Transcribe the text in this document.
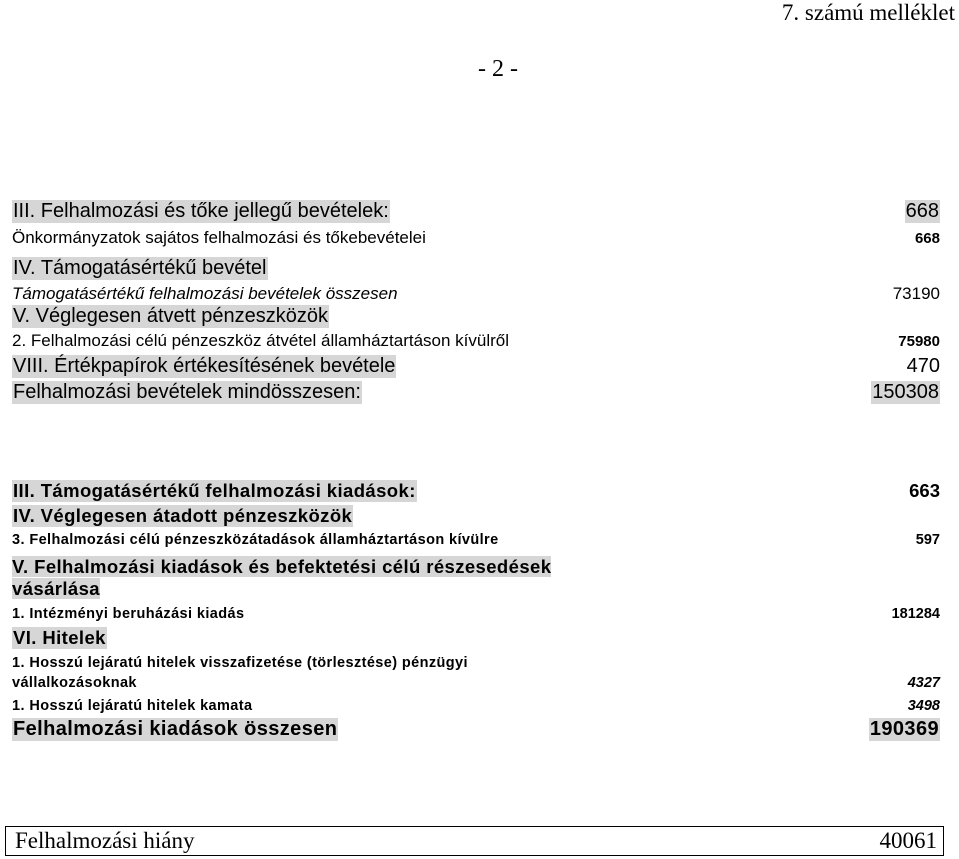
7. számú melléklet
- 2 -
III. Felhalmozási és tőke jellegű bevételek:	668
Önkormányzatok sajátos felhalmozási és tőkebevételei	668
IV. Támogatásértékű bevétel
Támogatásértékű felhalmozási bevételek összesen	73190
V. Véglegesen átvett pénzeszközök
2. Felhalmozási célú pénzeszköz átvétel államháztartáson kívülről	75980
VIII. Értékpapírok értékesítésének bevétele	470
Felhalmozási bevételek mindösszesen:	150308
III. Támogatásértékű felhalmozási kiadások:	663
IV. Véglegesen átadott pénzeszközök
3. Felhalmozási célú pénzeszközátadások államháztartáson kívülre	597
V. Felhalmozási kiadások és befektetési célú részesedések
vásárlása
1. Intézményi beruházási kiadás	181284
VI. Hitelek
1. Hosszú lejáratú hitelek visszafizetése (törlesztése) pénzügyi
vállalkozásoknak	4327
1. Hosszú lejáratú hitelek kamata	3498
Felhalmozási kiadások összesen	190369
Felhalmozási hiány	40061
